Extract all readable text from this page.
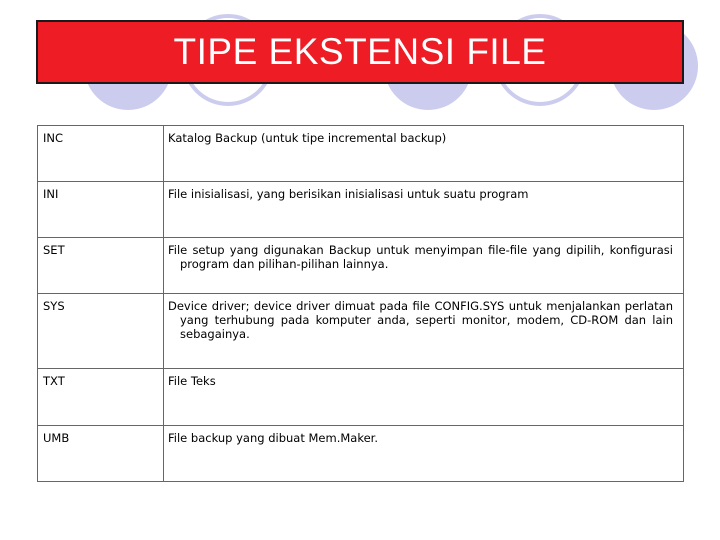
TIPE EKSTENSI FILE
INC	Katalog Backup (untuk tipe incremental backup)
INI	File inisialisasi, yang berisikan inisialisasi untuk suatu program
SET	File setup yang digunakan Backup untuk menyimpan file-file yang dipilih, konfigurasi program dan pilihan-pilihan lainnya.
SYS	Device driver; device driver dimuat pada file CONFIG.SYS untuk menjalankan perlatan yang terhubung pada komputer anda, seperti monitor, modem, CD-ROM dan lain sebagainya.
TXT	File Teks
UMB	File backup yang dibuat Mem.Maker.
